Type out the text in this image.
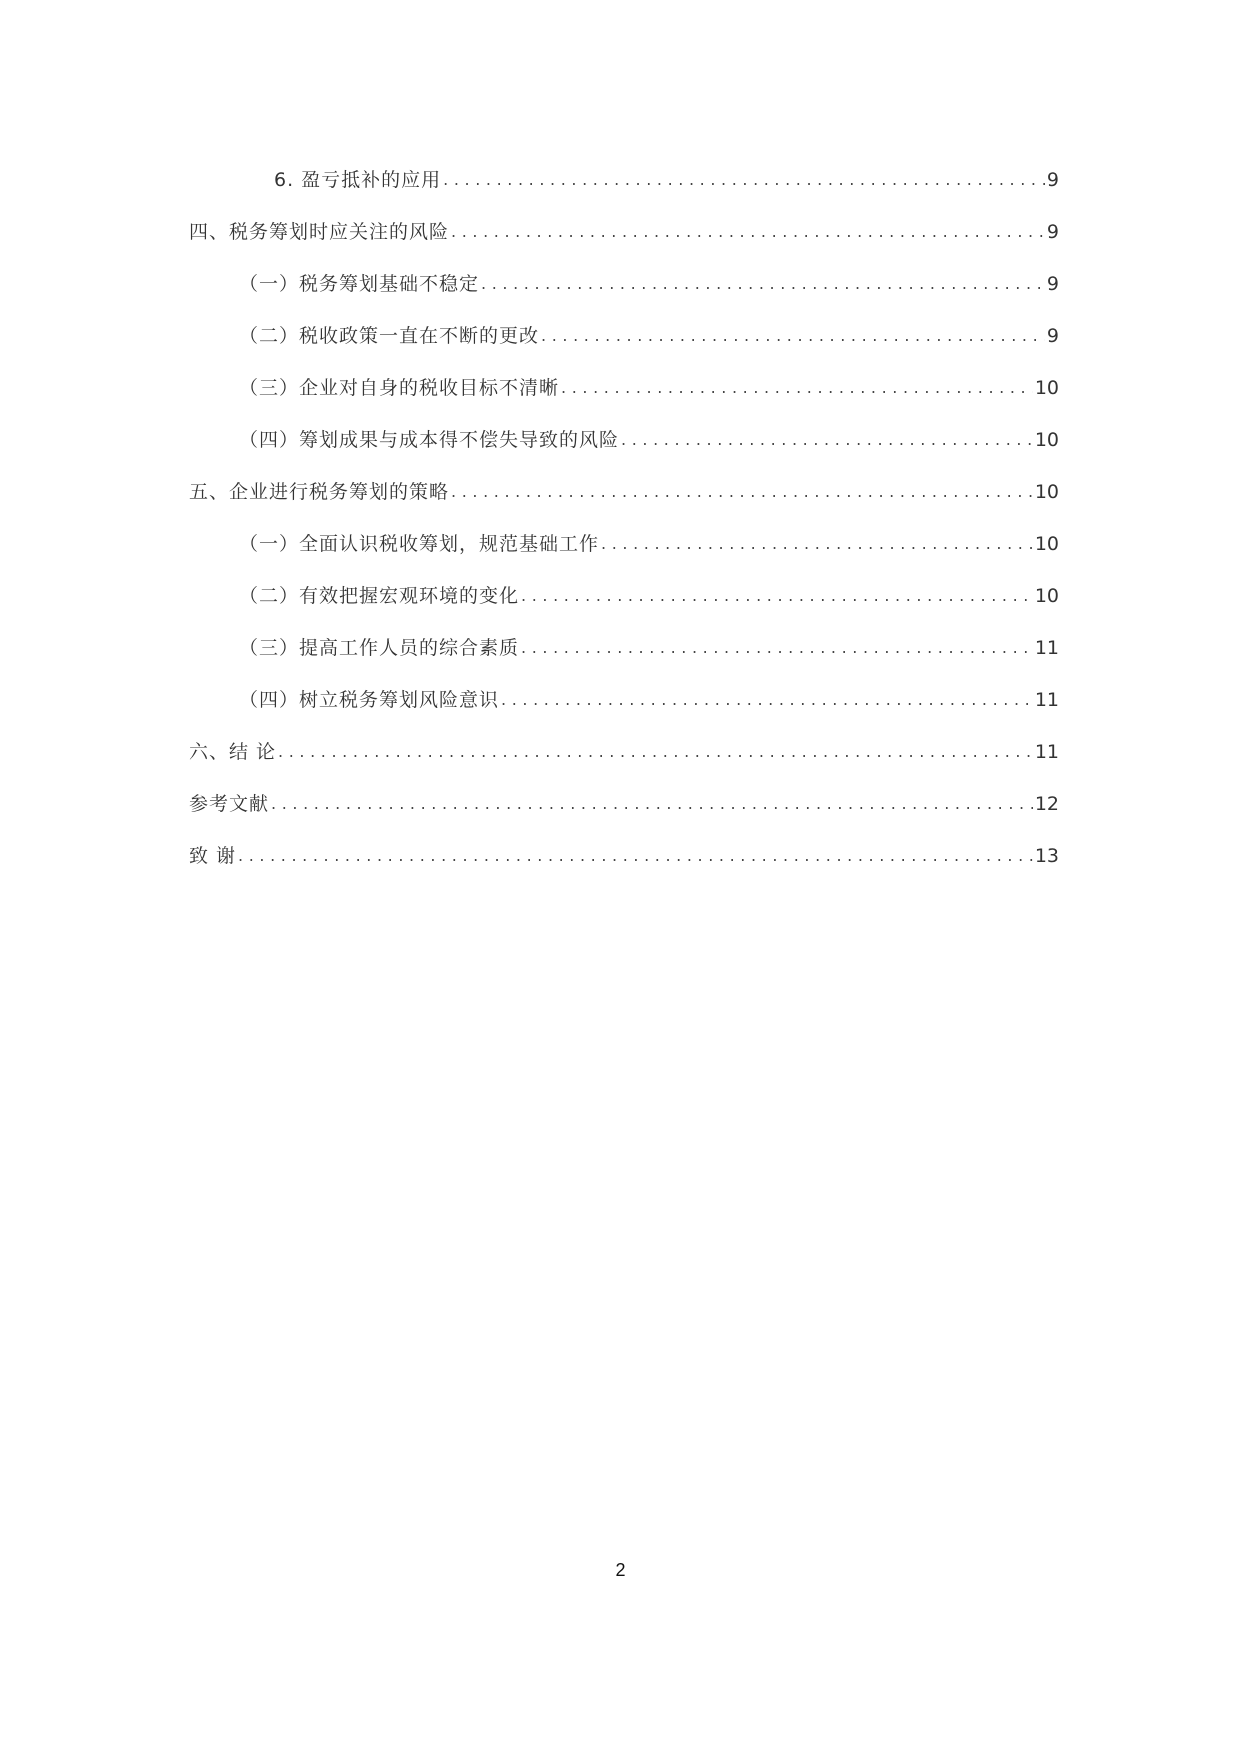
6. 盈亏抵补的应用 .....	9
四、税务筹划时应关注的风险 .....	9
（一）税务筹划基础不稳定 .....	9
（二）税收政策一直在不断的更改 .....	9
（三）企业对自身的税收目标不清晰 .....	10
（四）筹划成果与成本得不偿失导致的风险 .....	10
五、企业进行税务筹划的策略 .....	10
（一）全面认识税收筹划，规范基础工作 .....	10
（二）有效把握宏观环境的变化 .....	10
（三）提高工作人员的综合素质 .....	11
（四）树立税务筹划风险意识 .....	11
六、结 论 .....	11
参考文献 .....	12
致 谢 .....	13
2
